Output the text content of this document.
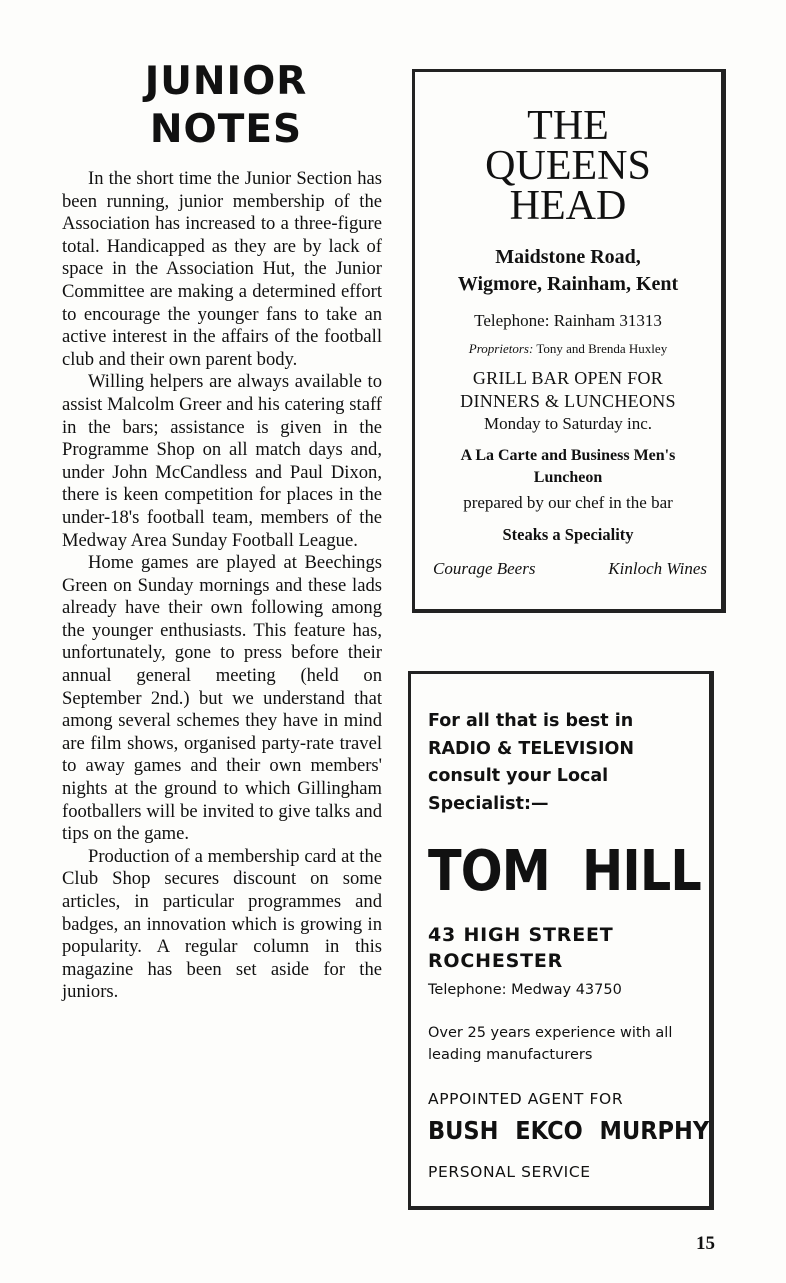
JUNIOR
NOTES

In the short time the Junior Section has been running, junior membership of the Association has increased to a three-figure total. Handicapped as they are by lack of space in the Association Hut, the Junior Committee are making a determined effort to encourage the younger fans to take an active interest in the affairs of the football club and their own parent body.

Willing helpers are always available to assist Malcolm Greer and his catering staff in the bars; assistance is given in the Programme Shop on all match days and, under John McCandless and Paul Dixon, there is keen competition for places in the under-18's football team, members of the Medway Area Sunday Football League.

Home games are played at Beechings Green on Sunday mornings and these lads already have their own following among the younger enthusiasts. This feature has, unfortunately, gone to press before their annual general meeting (held on September 2nd.) but we understand that among several schemes they have in mind are film shows, organised party-rate travel to away games and their own members' nights at the ground to which Gillingham footballers will be invited to give talks and tips on the game.

Production of a membership card at the Club Shop secures discount on some articles, in particular programmes and badges, an innovation which is growing in popularity. A regular column in this magazine has been set aside for the juniors.

THE
QUEENS
HEAD
Maidstone Road,
Wigmore, Rainham, Kent
Telephone: Rainham 31313
Proprietors: Tony and Brenda Huxley
GRILL BAR OPEN FOR
DINNERS & LUNCHEONS
Monday to Saturday inc.
A La Carte and Business Men's
Luncheon
prepared by our chef in the bar
Steaks a Speciality
Courage Beers	Kinloch Wines
For all that is best in
RADIO & TELEVISION
consult your Local
Specialist:—
TOM HILL
43 HIGH STREET
ROCHESTER
Telephone: Medway 43750
Over 25 years experience with all
leading manufacturers
APPOINTED AGENT FOR
BUSH EKCO MURPHY
PERSONAL SERVICE
15
